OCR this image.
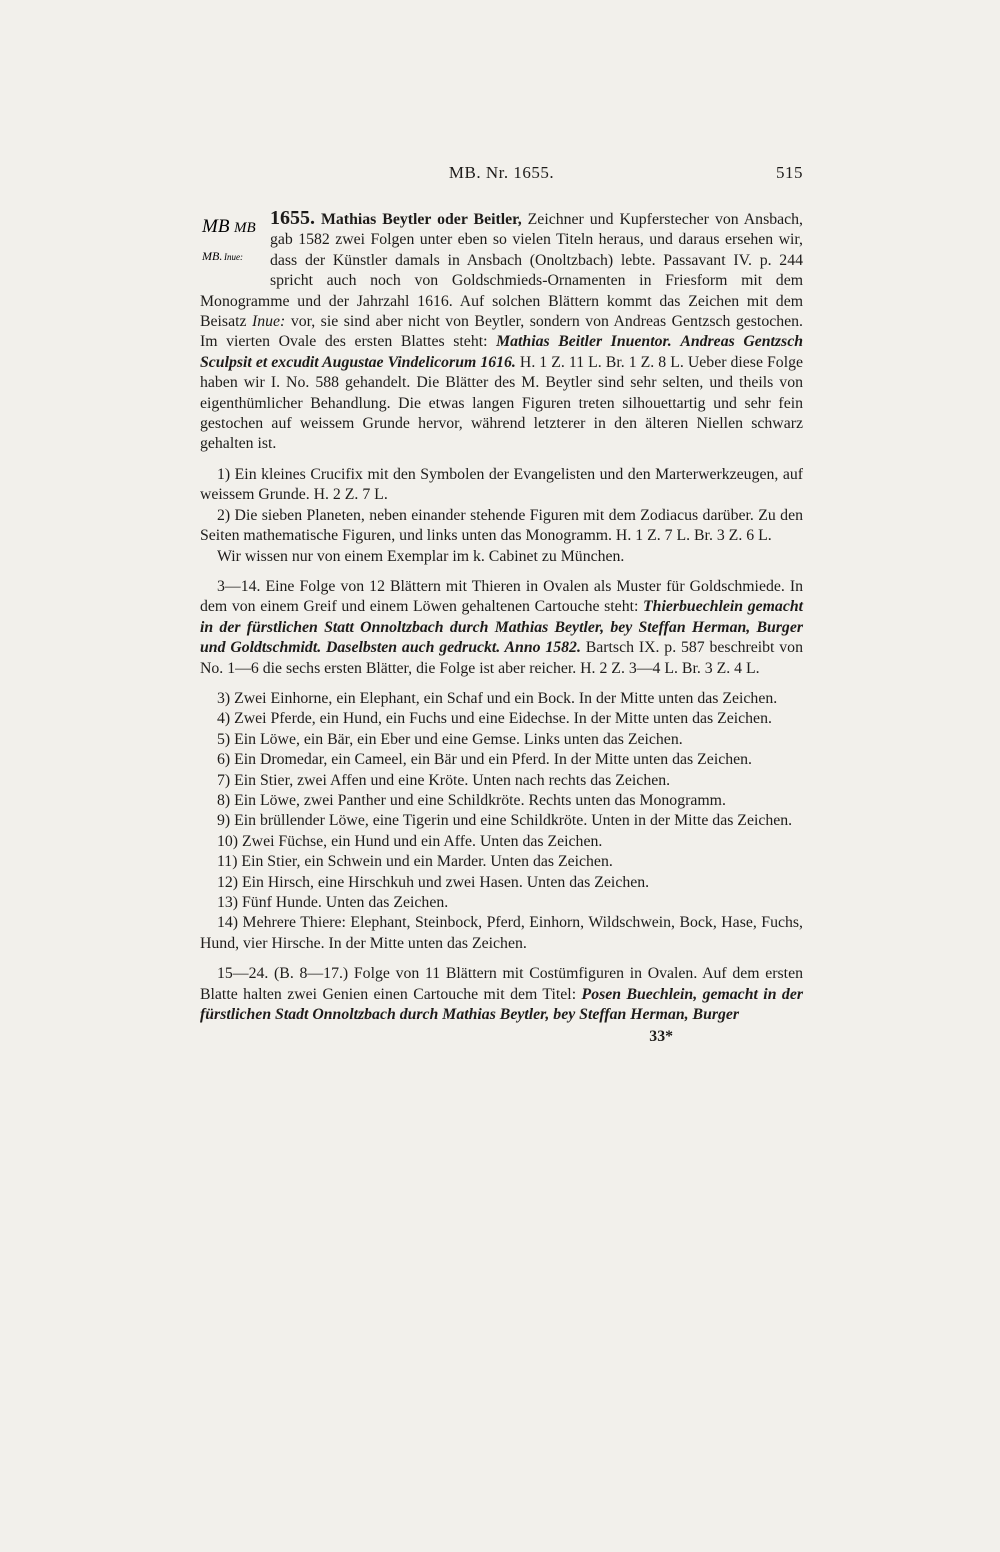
MB. Nr. 1655.	515

1655. Mathias Beytler oder Beitler,
MB MB
MB. Inue:
Zeichner und Kupferstecher von Ansbach, gab 1582 zwei Folgen unter eben so vielen Titeln heraus, und daraus ersehen wir, dass der Künstler damals in Ansbach (Onoltzbach) lebte. Passavant IV. p. 244 spricht auch noch von Goldschmieds-Ornamenten in Friesform mit dem Monogramme und der Jahrzahl 1616. Auf solchen Blättern kommt das Zeichen mit dem Beisatz Inue: vor, sie sind aber nicht von Beytler, sondern von Andreas Gentzsch gestochen. Im vierten Ovale des ersten Blattes steht: Mathias Beitler Inuentor. Andreas Gentzsch Sculpsit et excudit Augustae Vindelicorum 1616. H. 1 Z. 11 L. Br. 1 Z. 8 L. Ueber diese Folge haben wir I. No. 588 gehandelt. Die Blätter des M. Beytler sind sehr selten, und theils von eigenthümlicher Behandlung. Die etwas langen Figuren treten silhouettartig und sehr fein gestochen auf weissem Grunde hervor, während letzterer in den älteren Niellen schwarz gehalten ist.

1) Ein kleines Crucifix mit den Symbolen der Evangelisten und den Marterwerkzeugen, auf weissem Grunde. H. 2 Z. 7 L.

2) Die sieben Planeten, neben einander stehende Figuren mit dem Zodiacus darüber. Zu den Seiten mathematische Figuren, und links unten das Monogramm. H. 1 Z. 7 L. Br. 3 Z. 6 L.

Wir wissen nur von einem Exemplar im k. Cabinet zu München.

3—14. Eine Folge von 12 Blättern mit Thieren in Ovalen als Muster für Goldschmiede. In dem von einem Greif und einem Löwen gehaltenen Cartouche steht: Thierbuechlein gemacht in der fürstlichen Statt Onnoltzbach durch Mathias Beytler, bey Steffan Herman, Burger und Goldtschmidt. Daselbsten auch gedruckt. Anno 1582. Bartsch IX. p. 587 beschreibt von No. 1—6 die sechs ersten Blätter, die Folge ist aber reicher. H. 2 Z. 3—4 L. Br. 3 Z. 4 L.

3) Zwei Einhorne, ein Elephant, ein Schaf und ein Bock. In der Mitte unten das Zeichen.

4) Zwei Pferde, ein Hund, ein Fuchs und eine Eidechse. In der Mitte unten das Zeichen.

5) Ein Löwe, ein Bär, ein Eber und eine Gemse. Links unten das Zeichen.

6) Ein Dromedar, ein Cameel, ein Bär und ein Pferd. In der Mitte unten das Zeichen.

7) Ein Stier, zwei Affen und eine Kröte. Unten nach rechts das Zeichen.

8) Ein Löwe, zwei Panther und eine Schildkröte. Rechts unten das Monogramm.

9) Ein brüllender Löwe, eine Tigerin und eine Schildkröte. Unten in der Mitte das Zeichen.

10) Zwei Füchse, ein Hund und ein Affe. Unten das Zeichen.

11) Ein Stier, ein Schwein und ein Marder. Unten das Zeichen.

12) Ein Hirsch, eine Hirschkuh und zwei Hasen. Unten das Zeichen.

13) Fünf Hunde. Unten das Zeichen.

14) Mehrere Thiere: Elephant, Steinbock, Pferd, Einhorn, Wildschwein, Bock, Hase, Fuchs, Hund, vier Hirsche. In der Mitte unten das Zeichen.

15—24. (B. 8—17.) Folge von 11 Blättern mit Costümfiguren in Ovalen. Auf dem ersten Blatte halten zwei Genien einen Cartouche mit dem Titel: Posen Buechlein, gemacht in der fürstlichen Stadt Onnoltzbach durch Mathias Beytler, bey Steffan Herman, Burger

33*
